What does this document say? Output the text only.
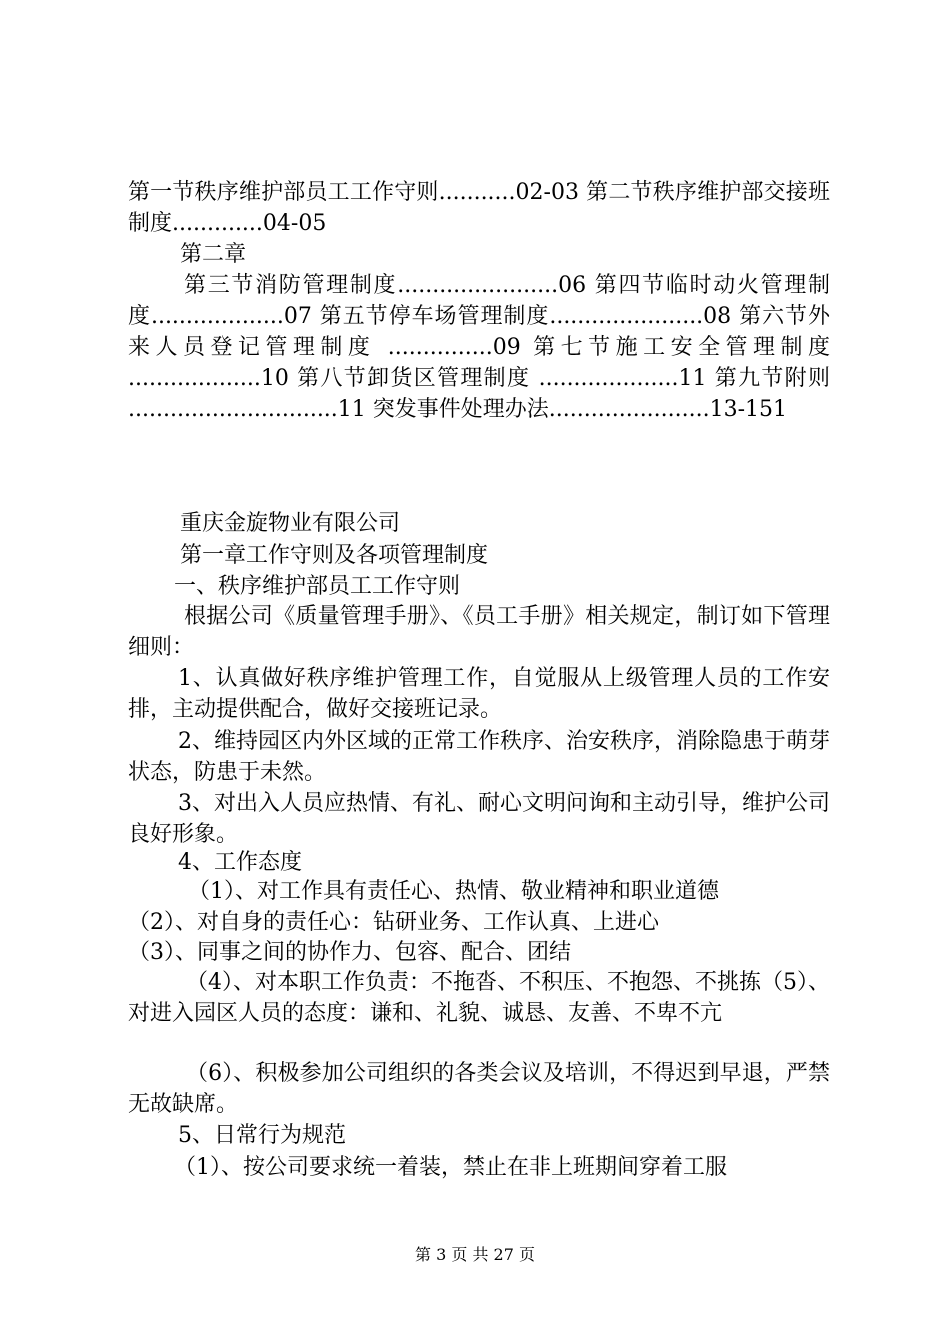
第一节秩序维护部员工工作守则...........02-03 第二节秩序维护部交接班制度.............04-05
第二章
第三节消防管理制度.......................06 第四节临时动火管理制度...................07 第五节停车场管理制度......................08 第六节外来人员登记管理制度 ...............09 第七节施工安全管理制度 ...................10 第八节卸货区管理制度 ....................11 第九节附则 ..............................11 突发事件处理办法.......................13-151
重庆金旋物业有限公司
第一章工作守则及各项管理制度
一、秩序维护部员工工作守则
根据公司《质量管理手册》、《员工手册》相关规定，制订如下管理细则：
1、认真做好秩序维护管理工作，自觉服从上级管理人员的工作安排，主动提供配合，做好交接班记录。
2、维持园区内外区域的正常工作秩序、治安秩序，消除隐患于萌芽状态，防患于未然。
3、对出入人员应热情、有礼、耐心文明问询和主动引导，维护公司良好形象。
4、工作态度
（1）、对工作具有责任心、热情、敬业精神和职业道德
（2）、对自身的责任心：钻研业务、工作认真、上进心
（3）、同事之间的协作力、包容、配合、团结
（4）、对本职工作负责：不拖沓、不积压、不抱怨、不挑拣（5）、对进入园区人员的态度：谦和、礼貌、诚恳、友善、不卑不亢
（6）、积极参加公司组织的各类会议及培训，不得迟到早退，严禁无故缺席。
5、日常行为规范
（1）、按公司要求统一着装，禁止在非上班期间穿着工服
第 3 页 共 27 页
